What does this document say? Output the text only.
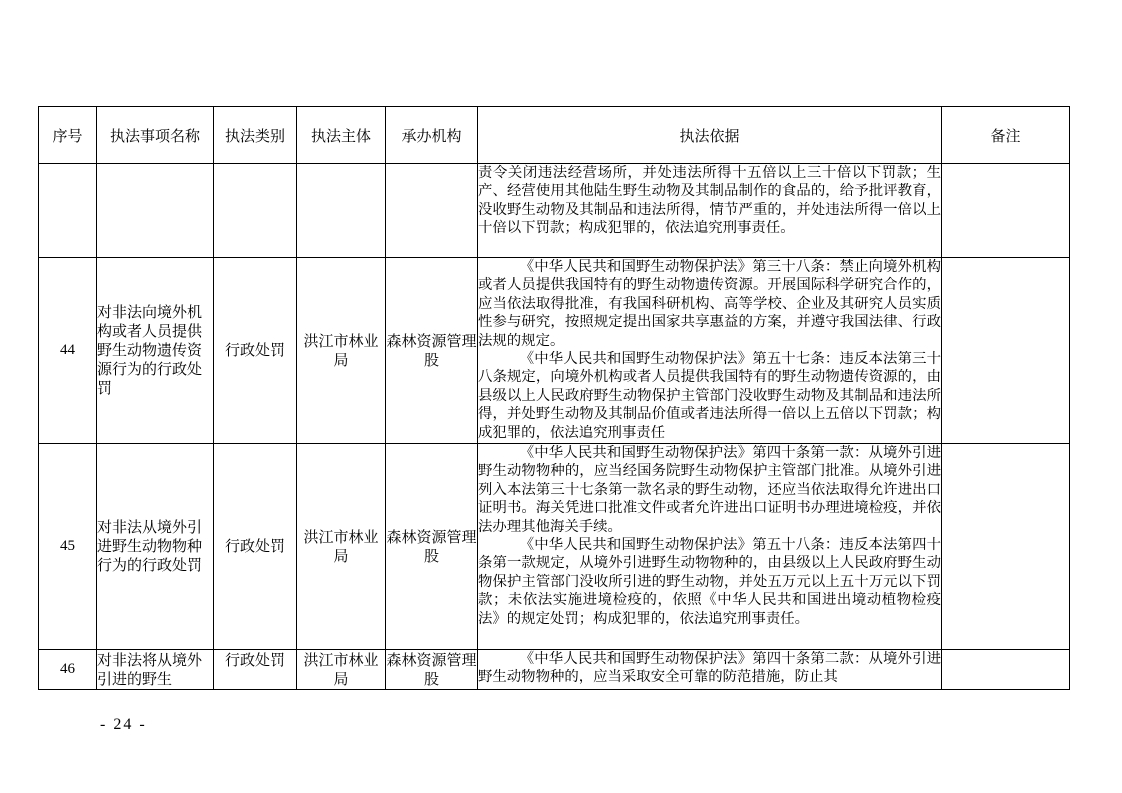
序号	执法事项名称	执法类别	执法主体	承办机构	执法依据	备注

					责令关闭违法经营场所，并处违法所得十五倍以上三十倍以下罚款；生产、经营使用其他陆生野生动物及其制品制作的食品的，给予批评教育，没收野生动物及其制品和违法所得，情节严重的，并处违法所得一倍以上十倍以下罚款；构成犯罪的，依法追究刑事责任。	

44	对非法向境外机构或者人员提供野生动物遗传资源行为的行政处罚	行政处罚	洪江市林业局	森林资源管理股	《中华人民共和国野生动物保护法》第三十八条：禁止向境外机构或者人员提供我国特有的野生动物遗传资源。开展国际科学研究合作的，应当依法取得批准，有我国科研机构、高等学校、企业及其研究人员实质性参与研究，按照规定提出国家共享惠益的方案，并遵守我国法律、行政法规的规定。

《中华人民共和国野生动物保护法》第五十七条：违反本法第三十八条规定，向境外机构或者人员提供我国特有的野生动物遗传资源的，由县级以上人民政府野生动物保护主管部门没收野生动物及其制品和违法所得，并处野生动物及其制品价值或者违法所得一倍以上五倍以下罚款；构成犯罪的，依法追究刑事责任	

45	对非法从境外引进野生动物物种行为的行政处罚	行政处罚	洪江市林业局	森林资源管理股	《中华人民共和国野生动物保护法》第四十条第一款：从境外引进野生动物物种的，应当经国务院野生动物保护主管部门批准。从境外引进列入本法第三十七条第一款名录的野生动物，还应当依法取得允许进出口证明书。海关凭进口批准文件或者允许进出口证明书办理进境检疫，并依法办理其他海关手续。

《中华人民共和国野生动物保护法》第五十八条：违反本法第四十条第一款规定，从境外引进野生动物物种的，由县级以上人民政府野生动物保护主管部门没收所引进的野生动物，并处五万元以上五十万元以下罚款；未依法实施进境检疫的，依照《中华人民共和国进出境动植物检疫法》的规定处罚；构成犯罪的，依法追究刑事责任。	

46	对非法将从境外引进的野生	行政处罚	洪江市林业局	森林资源管理股	《中华人民共和国野生动物保护法》第四十条第二款：从境外引进野生动物物种的，应当采取安全可靠的防范措施，防止其	

- 24 -
